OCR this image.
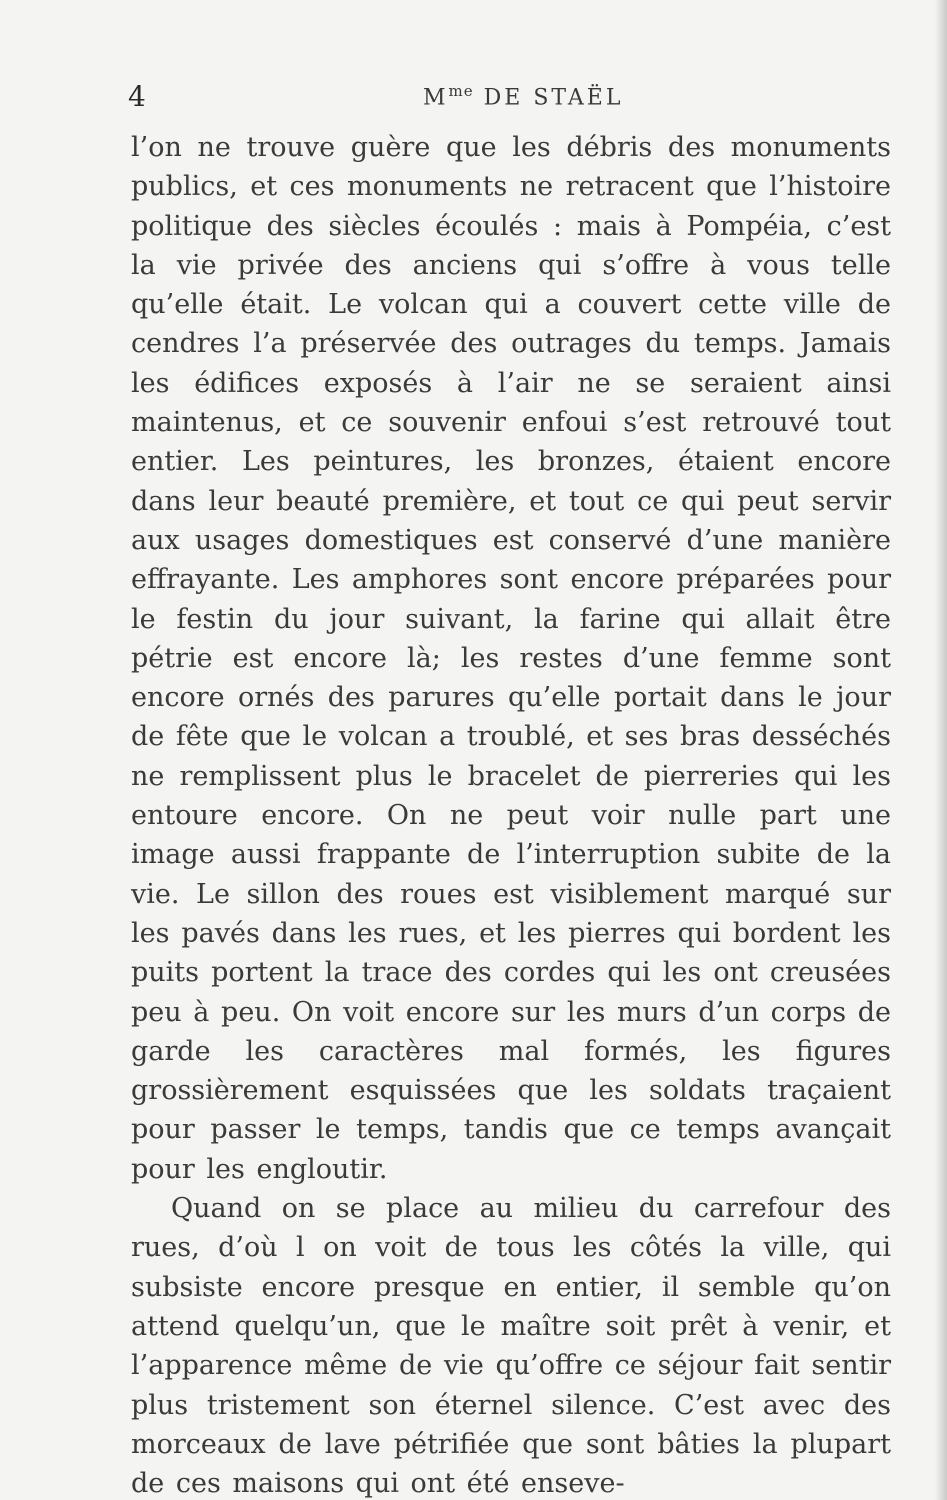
4	$M^{me}$ DE STAËL

l’on ne trouve guère que les débris des monuments publics, et ces monuments ne retracent que l’histoire politique des siècles écoulés : mais à Pompéia, c’est la vie privée des anciens qui s’offre à vous telle qu’elle était. Le volcan qui a couvert cette ville de cendres l’a préservée des outrages du temps. Jamais les édifices exposés à l’air ne se seraient ainsi maintenus, et ce souvenir enfoui s’est retrouvé tout entier. Les peintures, les bronzes, étaient encore dans leur beauté première, et tout ce qui peut servir aux usages domestiques est conservé d’une manière effrayante. Les amphores sont encore préparées pour le festin du jour suivant, la farine qui allait être pétrie est encore là; les restes d’une femme sont encore ornés des parures qu’elle portait dans le jour de fête que le volcan a troublé, et ses bras desséchés ne remplissent plus le bracelet de pierreries qui les entoure encore. On ne peut voir nulle part une image aussi frappante de l’interruption subite de la vie. Le sillon des roues est visiblement marqué sur les pavés dans les rues, et les pierres qui bordent les puits portent la trace des cordes qui les ont creusées peu à peu. On voit encore sur les murs d’un corps de garde les caractères mal formés, les figures grossièrement esquissées que les soldats traçaient pour passer le temps, tandis que ce temps avançait pour les engloutir.

Quand on se place au milieu du carrefour des rues, d’où l on voit de tous les côtés la ville, qui subsiste encore presque en entier, il semble qu’on attend quelqu’un, que le maître soit prêt à venir, et l’apparence même de vie qu’offre ce séjour fait sentir plus tristement son éternel silence. C’est avec des morceaux de lave pétrifiée que sont bâties la plupart de ces maisons qui ont été enseve-
